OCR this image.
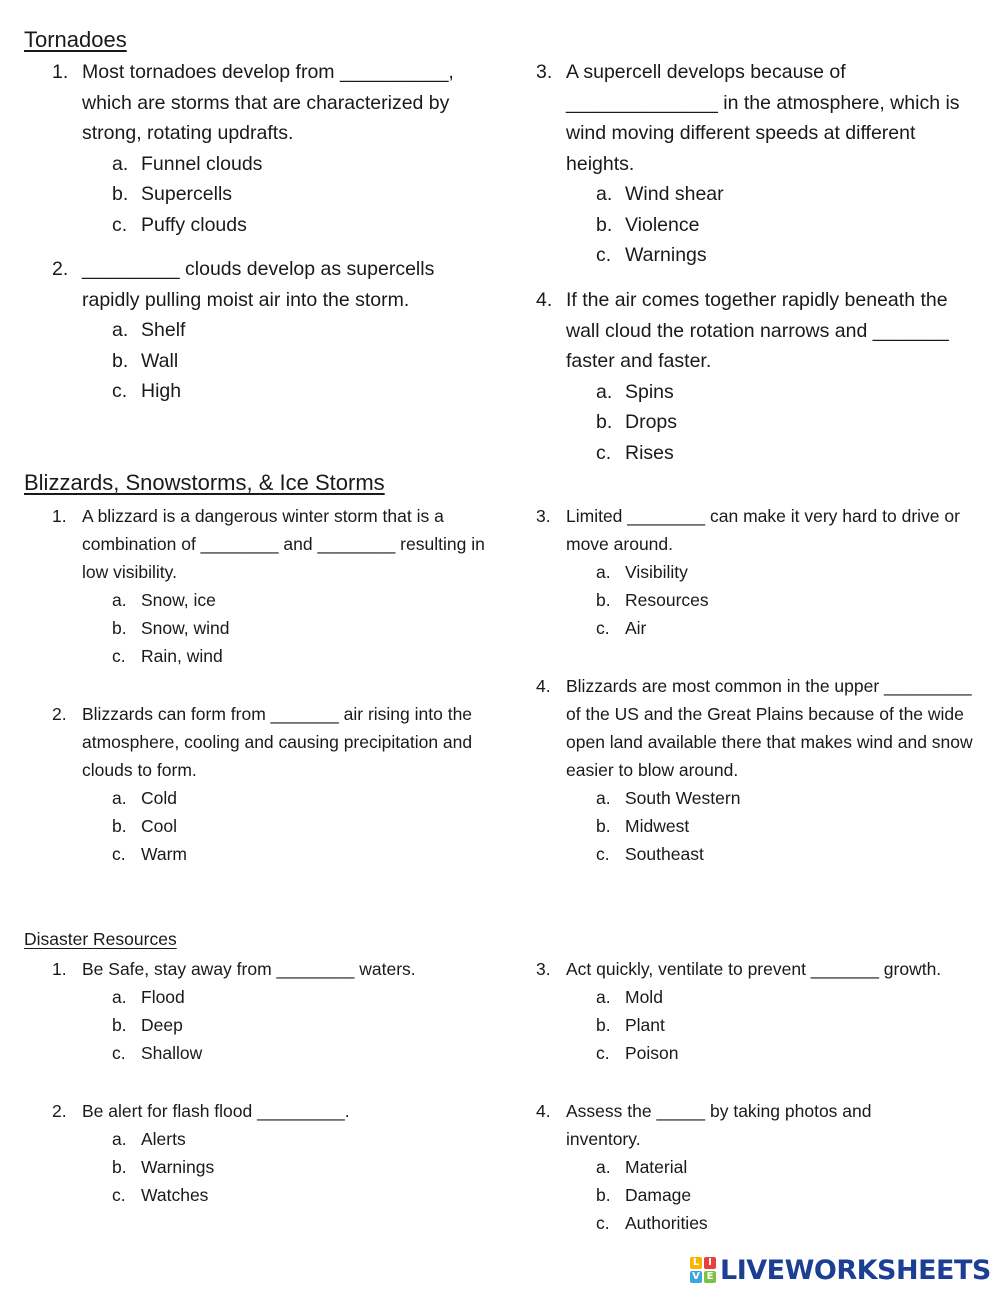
Tornadoes

1. Most tornadoes develop from __________, which are storms that are characterized by strong, rotating updrafts.

a. Funnel clouds
b. Supercells
c. Puffy clouds

2. _________ clouds develop as supercells rapidly pulling moist air into the storm.

a. Shelf
b. Wall
c. High

3. A supercell develops because of ______________ in the atmosphere, which is wind moving different speeds at different heights.

a. Wind shear
b. Violence
c. Warnings

4. If the air comes together rapidly beneath the wall cloud the rotation narrows and _______ faster and faster.

a. Spins
b. Drops
c. Rises
Blizzards, Snowstorms, & Ice Storms

1. A blizzard is a dangerous winter storm that is a combination of ________ and ________ resulting in low visibility.

a. Snow, ice
b. Snow, wind
c. Rain, wind

2. Blizzards can form from _______ air rising into the atmosphere, cooling and causing precipitation and clouds to form.

a. Cold
b. Cool
c. Warm

3. Limited ________ can make it very hard to drive or move around.

a. Visibility
b. Resources
c. Air

4. Blizzards are most common in the upper _________ of the US and the Great Plains because of the wide open land available there that makes wind and snow easier to blow around.

a. South Western
b. Midwest
c. Southeast
Disaster Resources

1. Be Safe, stay away from ________ waters.

a. Flood
b. Deep
c. Shallow

2. Be alert for flash flood _________.

a. Alerts
b. Warnings
c. Watches

3. Act quickly, ventilate to prevent _______ growth.

a. Mold
b. Plant
c. Poison

4. Assess the _____ by taking photos and inventory.

a. Material
b. Damage
c. Authorities
L I
V E LIVEWORKSHEETS
